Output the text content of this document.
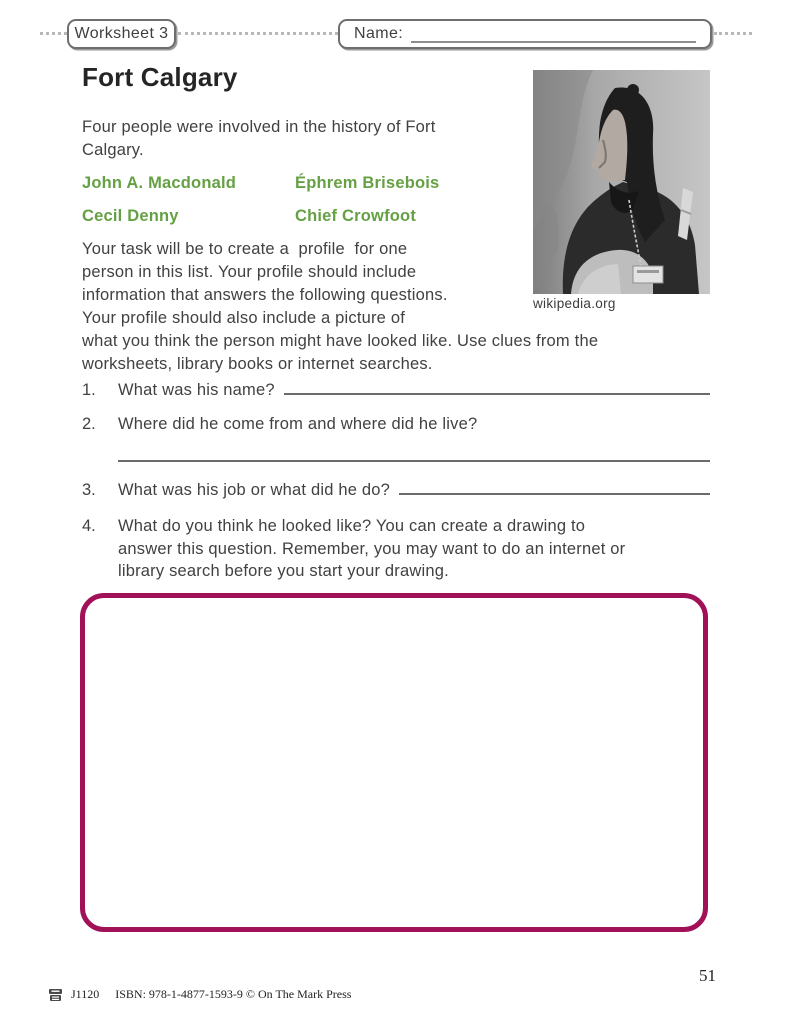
Worksheet 3	Name:
Fort Calgary
wikipedia.org
Four people were involved in the history of Fort
Calgary.
John A. Macdonald	Éphrem Brisebois
Cecil Denny	Chief Crowfoot
Your task will be to create a  profile  for one
person in this list. Your profile should include
information that answers the following questions.
Your profile should also include a picture of
what you think the person might have looked like. Use clues from the
worksheets, library books or internet searches.
1.	What was his name?
2.	Where did he come from and where did he live?
3.	What was his job or what did he do?
4.	What do you think he looked like? You can create a drawing to
answer this question. Remember, you may want to do an internet or
library search before you start your drawing.
51
J1120 ISBN: 978-1-4877-1593-9 © On The Mark Press
